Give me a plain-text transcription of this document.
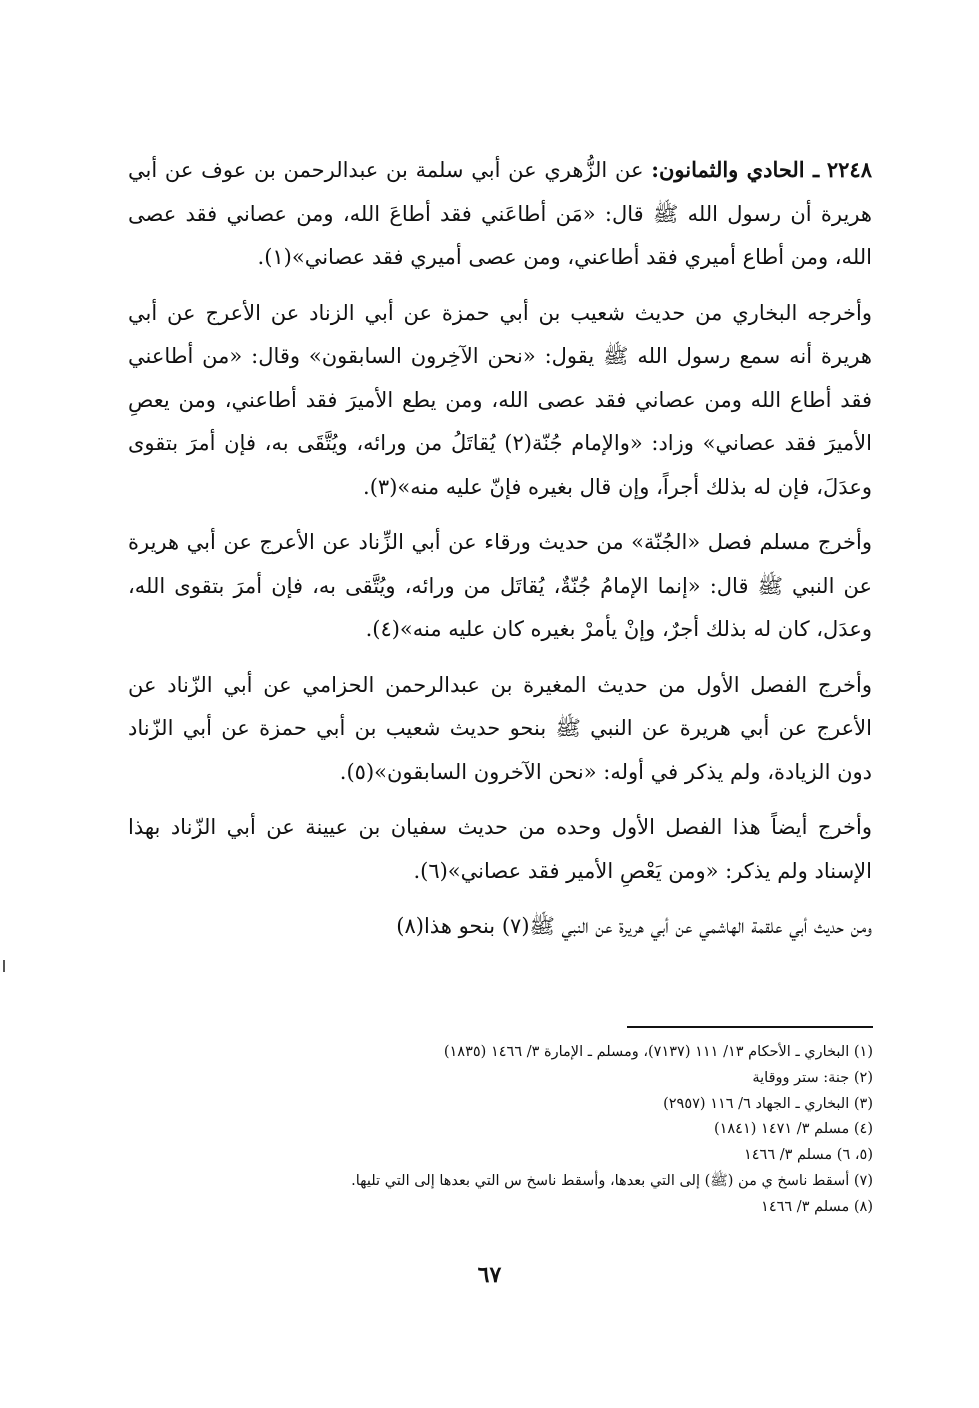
٢٢٤٨ ـ الحادي والثمانون: عن الزُّهري عن أبي سلمة بن عبدالرحمن بن عوف عن أبي هريرة أن رسول الله ﷺ قال: «مَن أطاعَني فقد أطاعَ الله، ومن عصاني فقد عصى الله، ومن أطاع أميري فقد أطاعني، ومن عصى أميري فقد عصاني»(١).

وأخرجه البخاري من حديث شعيب بن أبي حمزة عن أبي الزناد عن الأعرج عن أبي هريرة أنه سمع رسول الله ﷺ يقول: «نحن الآخِرون السابقون» وقال: «من أطاعني فقد أطاع الله ومن عصاني فقد عصى الله، ومن يطع الأميرَ فقد أطاعني، ومن يعصِ الأميرَ فقد عصاني» وزاد: «والإمام جُنّة(٢) يُقاتَلُ من ورائه، ويُتَّقَى به، فإن أمرَ بتقوى وعدَلَ، فإن له بذلك أجراً، وإن قال بغيره فإنّ عليه منه»(٣).

وأخرج مسلم فصل «الجُنّة» من حديث ورقاء عن أبي الزِّناد عن الأعرج عن أبي هريرة عن النبي ﷺ قال: «إنما الإمامُ جُنّةٌ، يُقاتَل من ورائه، ويُتَّقى به، فإن أمرَ بتقوى الله، وعدَل، كان له بذلك أجرٌ، وإنْ يأمرْ بغيره كان عليه منه»(٤).

وأخرج الفصل الأول من حديث المغيرة بن عبدالرحمن الحزامي عن أبي الزّناد عن الأعرج عن أبي هريرة عن النبي ﷺ بنحو حديث شعيب بن أبي حمزة عن أبي الزّناد دون الزيادة، ولم يذكر في أوله: «نحن الآخرون السابقون»(٥).

وأخرج أيضاً هذا الفصل الأول وحده من حديث سفيان بن عيينة عن أبي الزّناد بهذا الإسناد ولم يذكر: «ومن يَعْصِ الأمير فقد عصاني»(٦).

ومن حديث أبي علقمة الهاشمي عن أبي هريرة عن النبي ﷺ(٧) بنحو هذا(٨)

(١) البخاري ـ الأحكام ١٣/ ١١١ (٧١٣٧)، ومسلم ـ الإمارة ٣/ ١٤٦٦ (١٨٣٥)
(٢) جنة: ستر ووقاية
(٣) البخاري ـ الجهاد ٦/ ١١٦ (٢٩٥٧)
(٤) مسلم ٣/ ١٤٧١ (١٨٤١)
(٥، ٦) مسلم ٣/ ١٤٦٦
(٧) أسقط ناسخ ي من (ﷺ) إلى التي بعدها، وأسقط ناسخ س التي بعدها إلى التي تليها.
(٨) مسلم ٣/ ١٤٦٦
٦٧
